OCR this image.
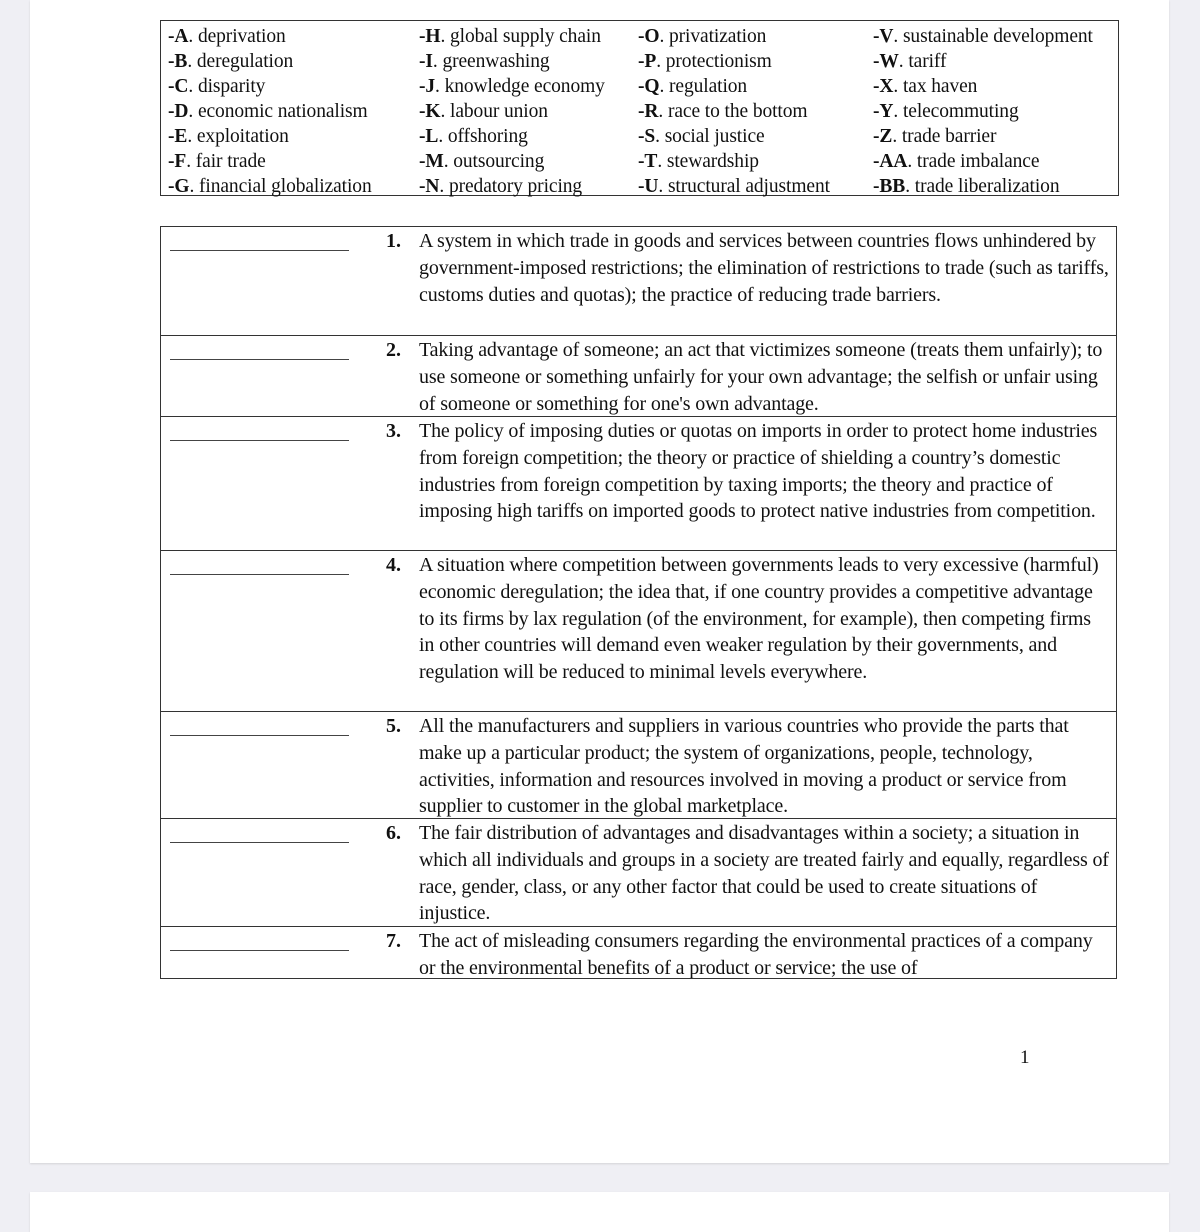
-A. deprivation
-B. deregulation
-C. disparity
-D. economic nationalism
-E. exploitation
-F. fair trade
-G. financial globalization
-H. global supply chain
-I. greenwashing
-J. knowledge economy
-K. labour union
-L. offshoring
-M. outsourcing
-N. predatory pricing
-O. privatization
-P. protectionism
-Q. regulation
-R. race to the bottom
-S. social justice
-T. stewardship
-U. structural adjustment
-V. sustainable development
-W. tariff
-X. tax haven
-Y. telecommuting
-Z. trade barrier
-AA. trade imbalance
-BB. trade liberalization
1. A system in which trade in goods and services between countries flows unhindered by government-imposed restrictions; the elimination of restrictions to trade (such as tariffs, customs duties and quotas); the practice of reducing trade barriers.
2. Taking advantage of someone; an act that victimizes someone (treats them unfairly); to use someone or something unfairly for your own advantage; the selfish or unfair using of someone or something for one's own advantage.
3. The policy of imposing duties or quotas on imports in order to protect home industries from foreign competition; the theory or practice of shielding a country’s domestic industries from foreign competition by taxing imports; the theory and practice of imposing high tariffs on imported goods to protect native industries from competition.
4. A situation where competition between governments leads to very excessive (harmful) economic deregulation; the idea that, if one country provides a competitive advantage to its firms by lax regulation (of the environment, for example), then competing firms in other countries will demand even weaker regulation by their governments, and regulation will be reduced to minimal levels everywhere.
5. All the manufacturers and suppliers in various countries who provide the parts that make up a particular product; the system of organizations, people, technology, activities, information and resources involved in moving a product or service from supplier to customer in the global marketplace.
6. The fair distribution of advantages and disadvantages within a society; a situation in which all individuals and groups in a society are treated fairly and equally, regardless of race, gender, class, or any other factor that could be used to create situations of injustice.
7. The act of misleading consumers regarding the environmental practices of a company or the environmental benefits of a product or service; the use of
1
